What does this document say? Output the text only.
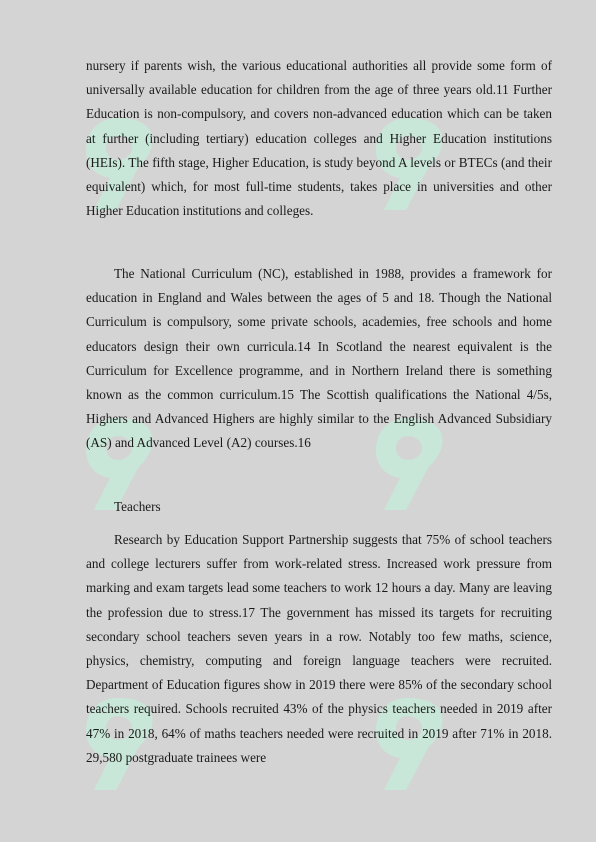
nursery if parents wish, the various educational authorities all provide some form of universally available education for children from the age of three years old.11 Further Education is non-compulsory, and covers non-advanced education which can be taken at further (including tertiary) education colleges and Higher Education institutions (HEIs). The fifth stage, Higher Education, is study beyond A levels or BTECs (and their equivalent) which, for most full-time students, takes place in universities and other Higher Education institutions and colleges.

The National Curriculum (NC), established in 1988, provides a framework for education in England and Wales between the ages of 5 and 18. Though the National Curriculum is compulsory, some private schools, academies, free schools and home educators design their own curricula.14 In Scotland the nearest equivalent is the Curriculum for Excellence programme, and in Northern Ireland there is something known as the common curriculum.15 The Scottish qualifications the National 4/5s, Highers and Advanced Highers are highly similar to the English Advanced Subsidiary (AS) and Advanced Level (A2) courses.16

Teachers

Research by Education Support Partnership suggests that 75% of school teachers and college lecturers suffer from work-related stress. Increased work pressure from marking and exam targets lead some teachers to work 12 hours a day. Many are leaving the profession due to stress.17 The government has missed its targets for recruiting secondary school teachers seven years in a row. Notably too few maths, science, physics, chemistry, computing and foreign language teachers were recruited. Department of Education figures show in 2019 there were 85% of the secondary school teachers required. Schools recruited 43% of the physics teachers needed in 2019 after 47% in 2018, 64% of maths teachers needed were recruited in 2019 after 71% in 2018. 29,580 postgraduate trainees were
